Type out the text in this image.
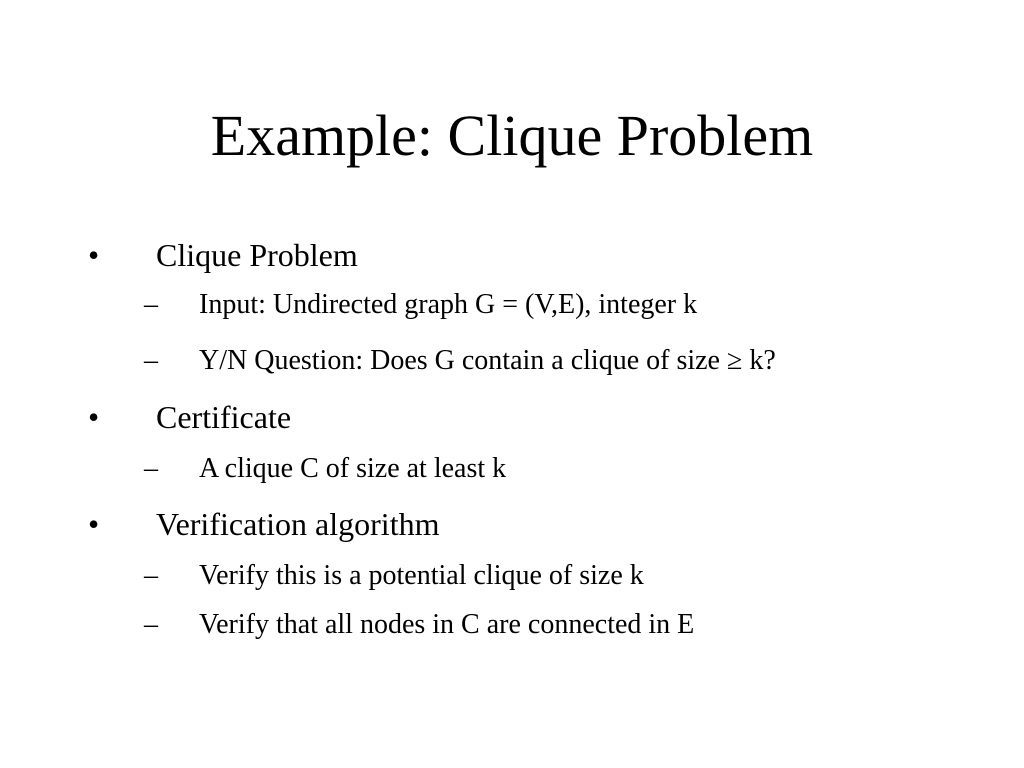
Example: Clique Problem
• Clique Problem
– Input: Undirected graph G = (V,E), integer k
– Y/N Question: Does G contain a clique of size ≥ k?
• Certificate
– A clique C of size at least k
• Verification algorithm
– Verify this is a potential clique of size k
– Verify that all nodes in C are connected in E
